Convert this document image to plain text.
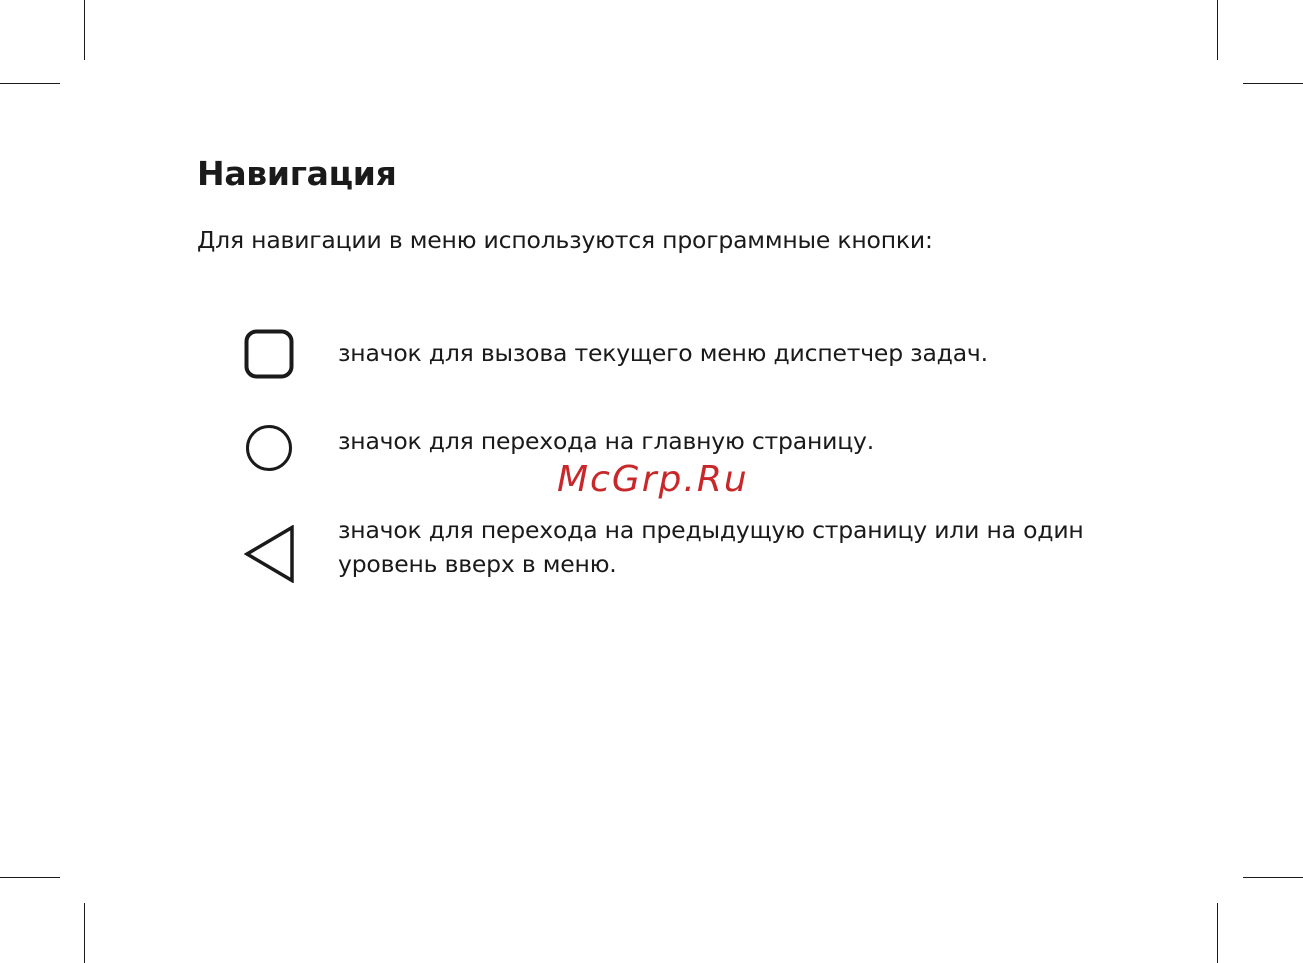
Навигация

Для навигации в меню используются программные кнопки:

значок для вызова текущего меню диспетчер задач.

значок для перехода на главную страницу.

McGrp.Ru

значок для перехода на предыдущую страницу или на один уровень вверх в меню.
